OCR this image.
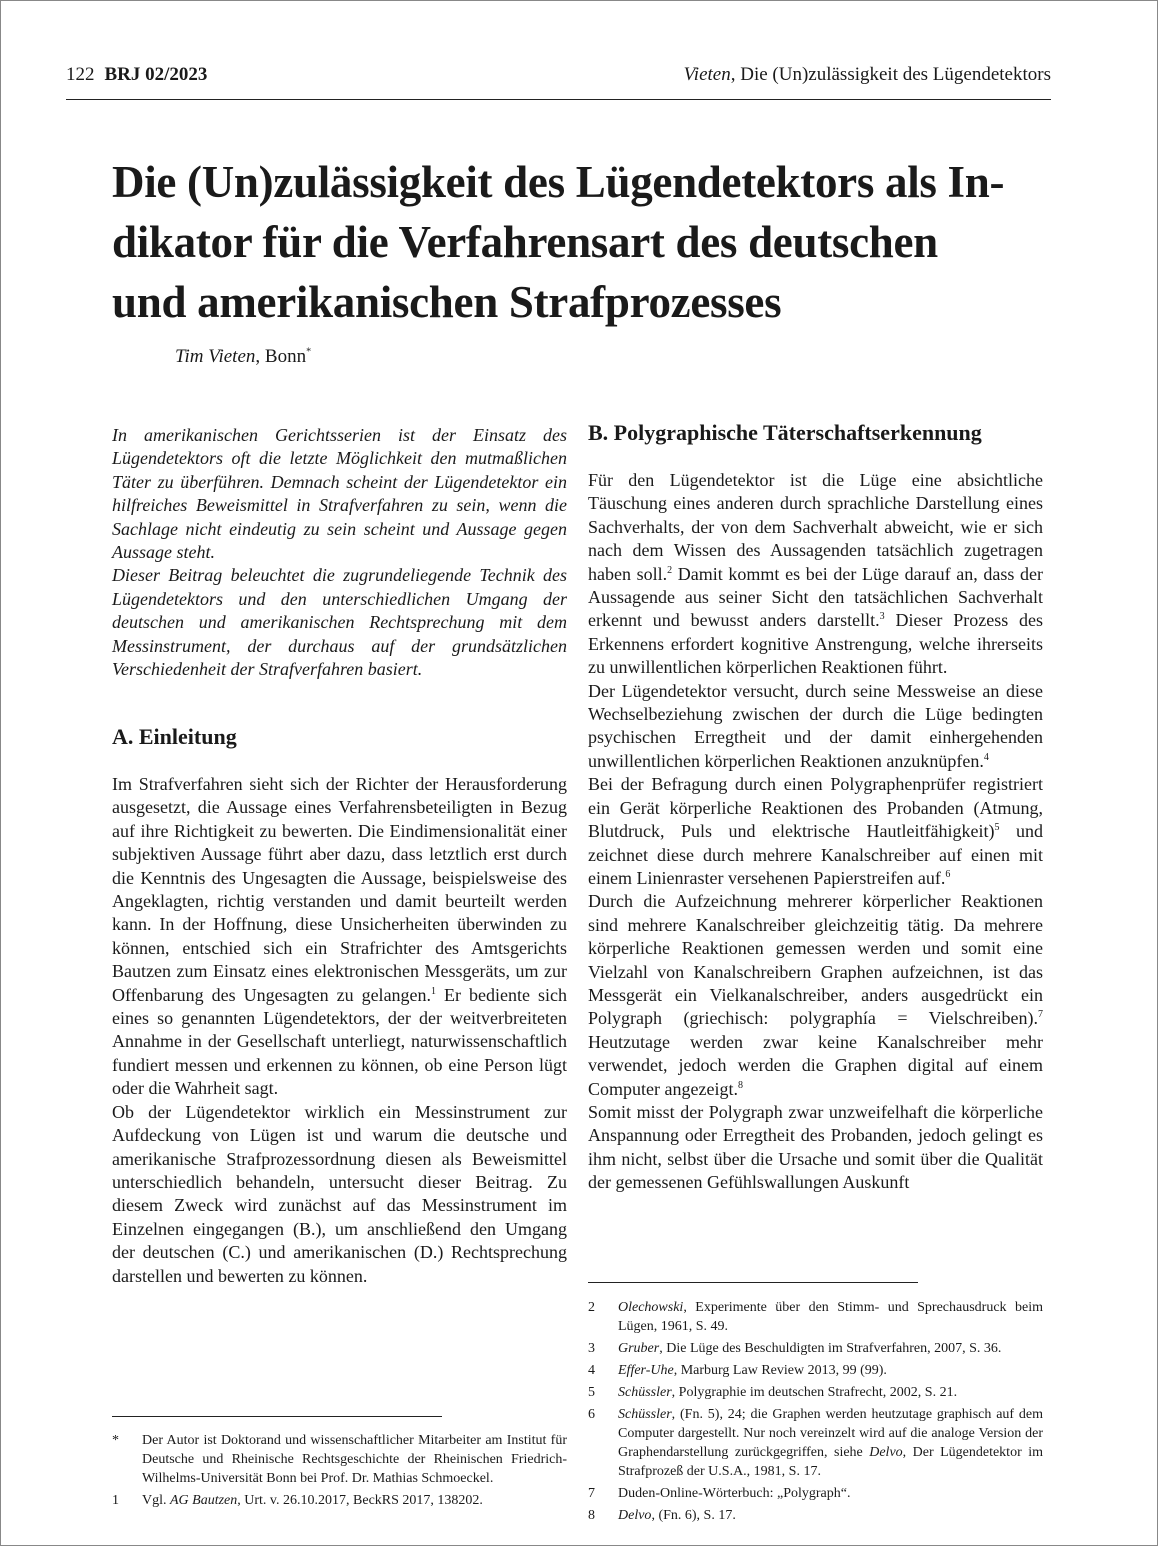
122 BRJ 02/2023	Vieten, Die (Un)zulässigkeit des Lügendetektors
Die (Un)zulässigkeit des Lügendetektors als In-dikator für die Verfahrensart des deutschen und amerikanischen Strafprozesses
Tim Vieten, Bonn*

In amerikanischen Gerichtsserien ist der Einsatz des Lügendetektors oft die letzte Möglichkeit den mutmaßlichen Täter zu überführen. Demnach scheint der Lügendetektor ein hilfreiches Beweismittel in Strafverfahren zu sein, wenn die Sachlage nicht eindeutig zu sein scheint und Aussage gegen Aussage steht.

Dieser Beitrag beleuchtet die zugrundeliegende Technik des Lügendetektors und den unterschiedlichen Umgang der deutschen und amerikanischen Rechtsprechung mit dem Messinstrument, der durchaus auf der grundsätzlichen Verschiedenheit der Strafverfahren basiert.

A. Einleitung

Im Strafverfahren sieht sich der Richter der Herausforderung ausgesetzt, die Aussage eines Verfahrensbeteiligten in Bezug auf ihre Richtigkeit zu bewerten. Die Eindimensionalität einer subjektiven Aussage führt aber dazu, dass letztlich erst durch die Kenntnis des Ungesagten die Aussage, beispielsweise des Angeklagten, richtig verstanden und damit beurteilt werden kann. In der Hoffnung, diese Unsicherheiten überwinden zu können, entschied sich ein Strafrichter des Amtsgerichts Bautzen zum Einsatz eines elektronischen Messgeräts, um zur Offenbarung des Ungesagten zu gelangen.$^1$ Er bediente sich eines so genannten Lügendetektors, der der weitverbreiteten Annahme in der Gesellschaft unterliegt, naturwissenschaftlich fundiert messen und erkennen zu können, ob eine Person lügt oder die Wahrheit sagt.

Ob der Lügendetektor wirklich ein Messinstrument zur Aufdeckung von Lügen ist und warum die deutsche und amerikanische Strafprozessordnung diesen als Beweismittel unterschiedlich behandeln, untersucht dieser Beitrag. Zu diesem Zweck wird zunächst auf das Messinstrument im Einzelnen eingegangen (B.), um anschließend den Umgang der deutschen (C.) und amerikanischen (D.) Rechtsprechung darstellen und bewerten zu können.

B. Polygraphische Täterschaftserkennung

Für den Lügendetektor ist die Lüge eine absichtliche Täuschung eines anderen durch sprachliche Darstellung eines Sachverhalts, der von dem Sachverhalt abweicht, wie er sich nach dem Wissen des Aussagenden tatsächlich zugetragen haben soll.$^2$ Damit kommt es bei der Lüge darauf an, dass der Aussagende aus seiner Sicht den tatsächlichen Sachverhalt erkennt und bewusst anders darstellt.$^3$ Dieser Prozess des Erkennens erfordert kognitive Anstrengung, welche ihrerseits zu unwillentlichen körperlichen Reaktionen führt.

Der Lügendetektor versucht, durch seine Messweise an diese Wechselbeziehung zwischen der durch die Lüge bedingten psychischen Erregtheit und der damit einhergehenden unwillentlichen körperlichen Reaktionen anzuknüpfen.$^4$

Bei der Befragung durch einen Polygraphenprüfer registriert ein Gerät körperliche Reaktionen des Probanden (Atmung, Blutdruck, Puls und elektrische Hautleitfähigkeit)$^5$ und zeichnet diese durch mehrere Kanalschreiber auf einen mit einem Linienraster versehenen Papierstreifen auf.$^6$

Durch die Aufzeichnung mehrerer körperlicher Reaktionen sind mehrere Kanalschreiber gleichzeitig tätig. Da mehrere körperliche Reaktionen gemessen werden und somit eine Vielzahl von Kanalschreibern Graphen aufzeichnen, ist das Messgerät ein Vielkanalschreiber, anders ausgedrückt ein Polygraph (griechisch: polygraphía = Vielschreiben).$^7$ Heutzutage werden zwar keine Kanalschreiber mehr verwendet, jedoch werden die Graphen digital auf einem Computer angezeigt.$^8$

Somit misst der Polygraph zwar unzweifelhaft die körperliche Anspannung oder Erregtheit des Probanden, jedoch gelingt es ihm nicht, selbst über die Ursache und somit über die Qualität der gemessenen Gefühlswallungen Auskunft

*	Der Autor ist Doktorand und wissenschaftlicher Mitarbeiter am Institut für Deutsche und Rheinische Rechtsgeschichte der Rheinischen Friedrich-Wilhelms-Universität Bonn bei Prof. Dr. Mathias Schmoeckel.
1	Vgl. AG Bautzen, Urt. v. 26.10.2017, BeckRS 2017, 138202.
2	Olechowski, Experimente über den Stimm- und Sprechausdruck beim Lügen, 1961, S. 49.
3	Gruber, Die Lüge des Beschuldigten im Strafverfahren, 2007, S. 36.
4	Effer-Uhe, Marburg Law Review 2013, 99 (99).
5	Schüssler, Polygraphie im deutschen Strafrecht, 2002, S. 21.
6	Schüssler, (Fn. 5), 24; die Graphen werden heutzutage graphisch auf dem Computer dargestellt. Nur noch vereinzelt wird auf die analoge Version der Graphendarstellung zurückgegriffen, siehe Delvo, Der Lügendetektor im Strafprozeß der U.S.A., 1981, S. 17.
7	Duden-Online-Wörterbuch: „Polygraph“.
8	Delvo, (Fn. 6), S. 17.
